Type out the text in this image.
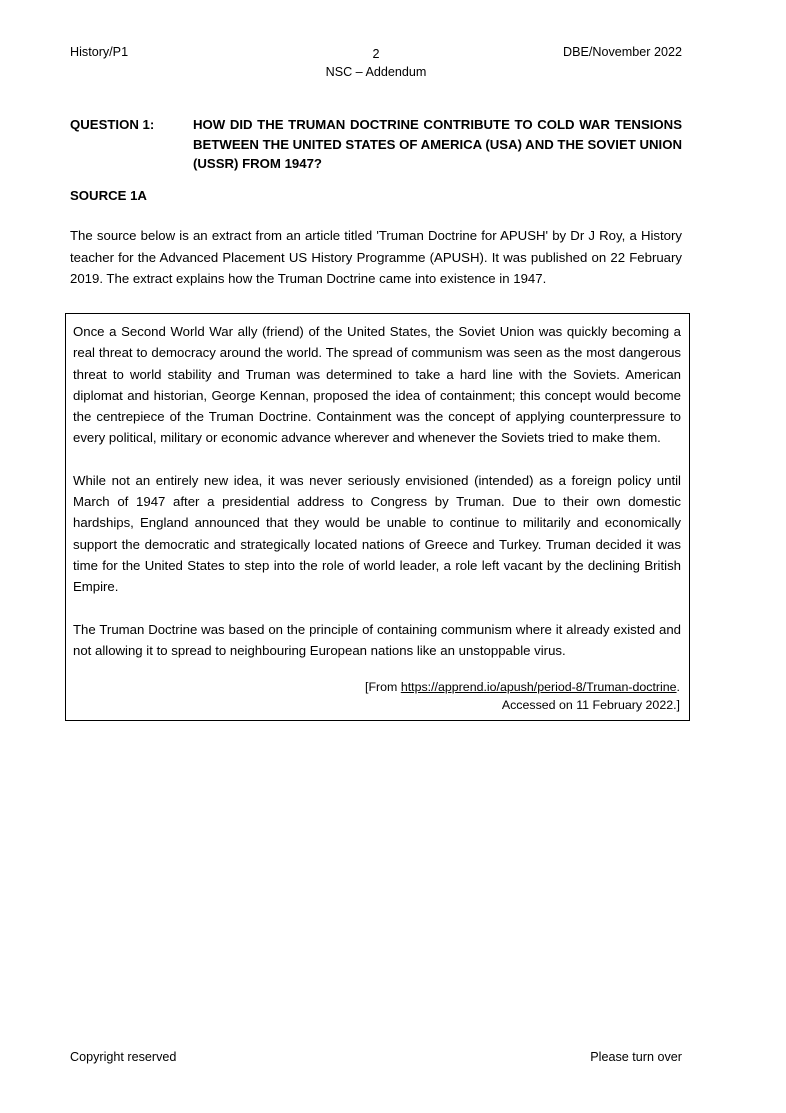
History/P1	2
NSC – Addendum
DBE/November 2022
QUESTION 1:	HOW DID THE TRUMAN DOCTRINE CONTRIBUTE TO COLD WAR TENSIONS BETWEEN THE UNITED STATES OF AMERICA (USA) AND THE SOVIET UNION (USSR) FROM 1947?
SOURCE 1A
The source below is an extract from an article titled 'Truman Doctrine for APUSH' by Dr J Roy, a History teacher for the Advanced Placement US History Programme (APUSH). It was published on 22 February 2019. The extract explains how the Truman Doctrine came into existence in 1947.

Once a Second World War ally (friend) of the United States, the Soviet Union was quickly becoming a real threat to democracy around the world. The spread of communism was seen as the most dangerous threat to world stability and Truman was determined to take a hard line with the Soviets. American diplomat and historian, George Kennan, proposed the idea of containment; this concept would become the centrepiece of the Truman Doctrine. Containment was the concept of applying counterpressure to every political, military or economic advance wherever and whenever the Soviets tried to make them.

While not an entirely new idea, it was never seriously envisioned (intended) as a foreign policy until March of 1947 after a presidential address to Congress by Truman. Due to their own domestic hardships, England announced that they would be unable to continue to militarily and economically support the democratic and strategically located nations of Greece and Turkey. Truman decided it was time for the United States to step into the role of world leader, a role left vacant by the declining British Empire.

The Truman Doctrine was based on the principle of containing communism where it already existed and not allowing it to spread to neighbouring European nations like an unstoppable virus.

[From https://apprend.io/apush/period-8/Truman-doctrine.
Accessed on 11 February 2022.]

Copyright reserved	Please turn over
